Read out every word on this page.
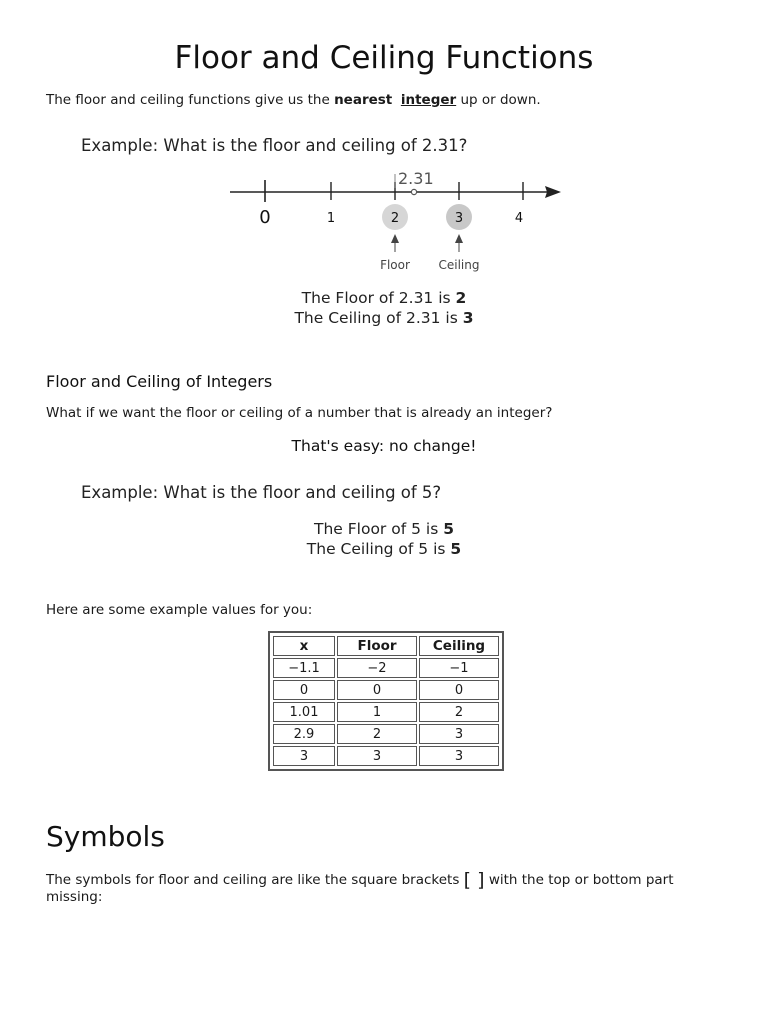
Floor and Ceiling Functions
The floor and ceiling functions give us the nearest integer up or down.
Example: What is the floor and ceiling of 2.31?
2.31
0	1	2	3	4
Floor Ceiling
The Floor of 2.31 is 2
The Ceiling of 2.31 is 3
Floor and Ceiling of Integers
What if we want the floor or ceiling of a number that is already an integer?
That's easy: no change!
Example: What is the floor and ceiling of 5?
The Floor of 5 is 5
The Ceiling of 5 is 5
Here are some example values for you:
x	Floor	Ceiling
−1.1	−2	−1
0	0	0
1.01	1	2
2.9	2	3
3	3	3
Symbols
The symbols for floor and ceiling are like the square brackets [ ] with the top or bottom part missing:
